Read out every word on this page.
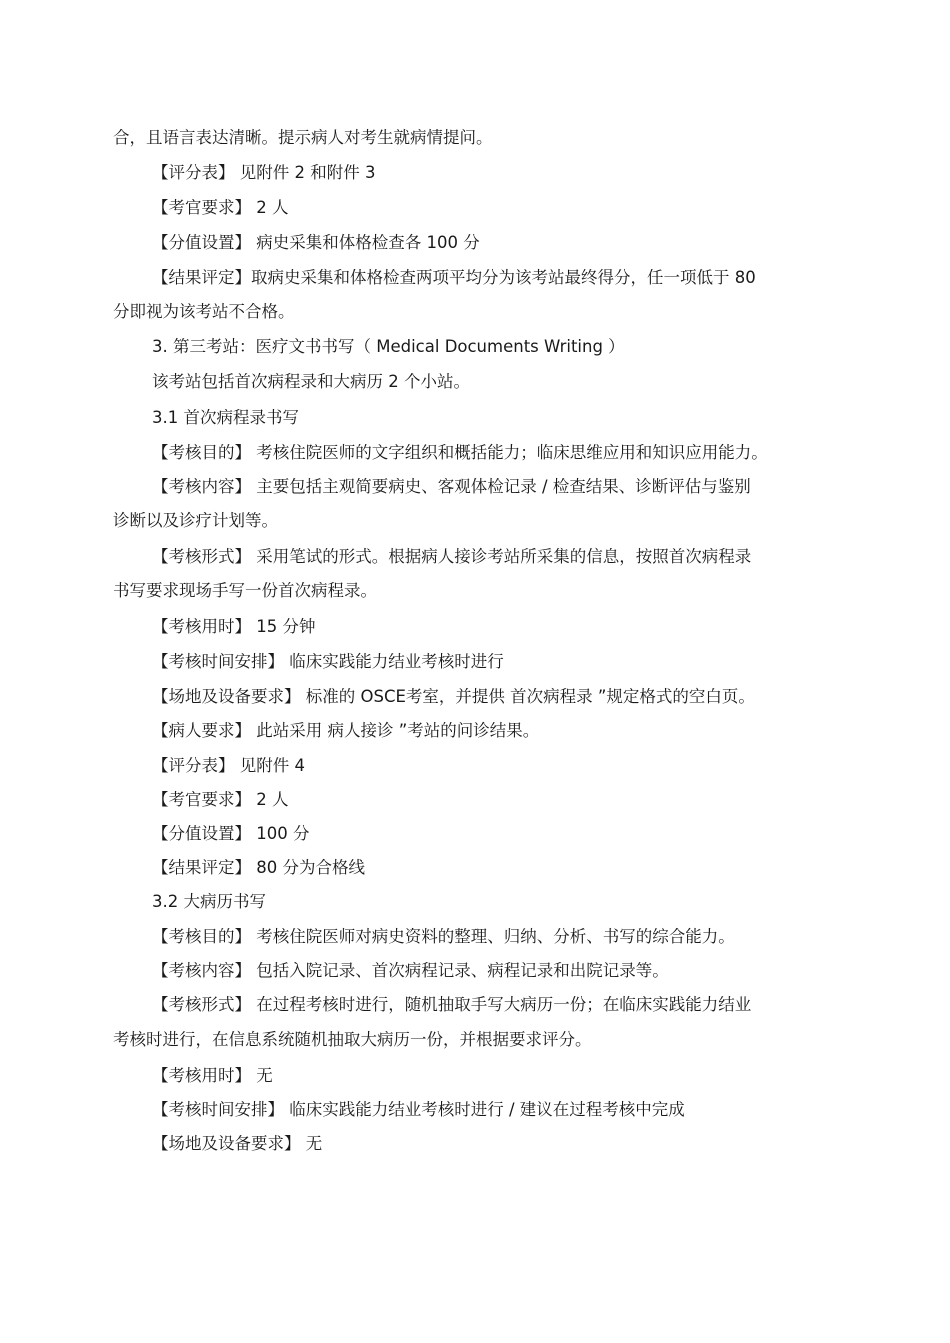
合，且语言表达清晰。提示病人对考生就病情提问。
【评分表】 见附件 2 和附件 3
【考官要求】 2 人
【分值设置】 病史采集和体格检查各 100 分
【结果评定】取病史采集和体格检查两项平均分为该考站最终得分，任一项低于 80
分即视为该考站不合格。
3. 第三考站：医疗文书书写（ Medical Documents Writing ）
该考站包括首次病程录和大病历 2 个小站。
3.1 首次病程录书写
【考核目的】 考核住院医师的文字组织和概括能力；临床思维应用和知识应用能力。
【考核内容】 主要包括主观简要病史、客观体检记录 / 检查结果、诊断评估与鉴别
诊断以及诊疗计划等。
【考核形式】 采用笔试的形式。根据病人接诊考站所采集的信息，按照首次病程录
书写要求现场手写一份首次病程录。
【考核用时】 15 分钟
【考核时间安排】 临床实践能力结业考核时进行
【场地及设备要求】 标准的 OSCE考室，并提供 首次病程录 ”规定格式的空白页。
【病人要求】 此站采用 病人接诊 ”考站的问诊结果。
【评分表】 见附件 4
【考官要求】 2 人
【分值设置】 100 分
【结果评定】 80 分为合格线
3.2 大病历书写
【考核目的】 考核住院医师对病史资料的整理、归纳、分析、书写的综合能力。
【考核内容】 包括入院记录、首次病程记录、病程记录和出院记录等。
【考核形式】 在过程考核时进行，随机抽取手写大病历一份；在临床实践能力结业
考核时进行，在信息系统随机抽取大病历一份，并根据要求评分。
【考核用时】 无
【考核时间安排】 临床实践能力结业考核时进行 / 建议在过程考核中完成
【场地及设备要求】 无
